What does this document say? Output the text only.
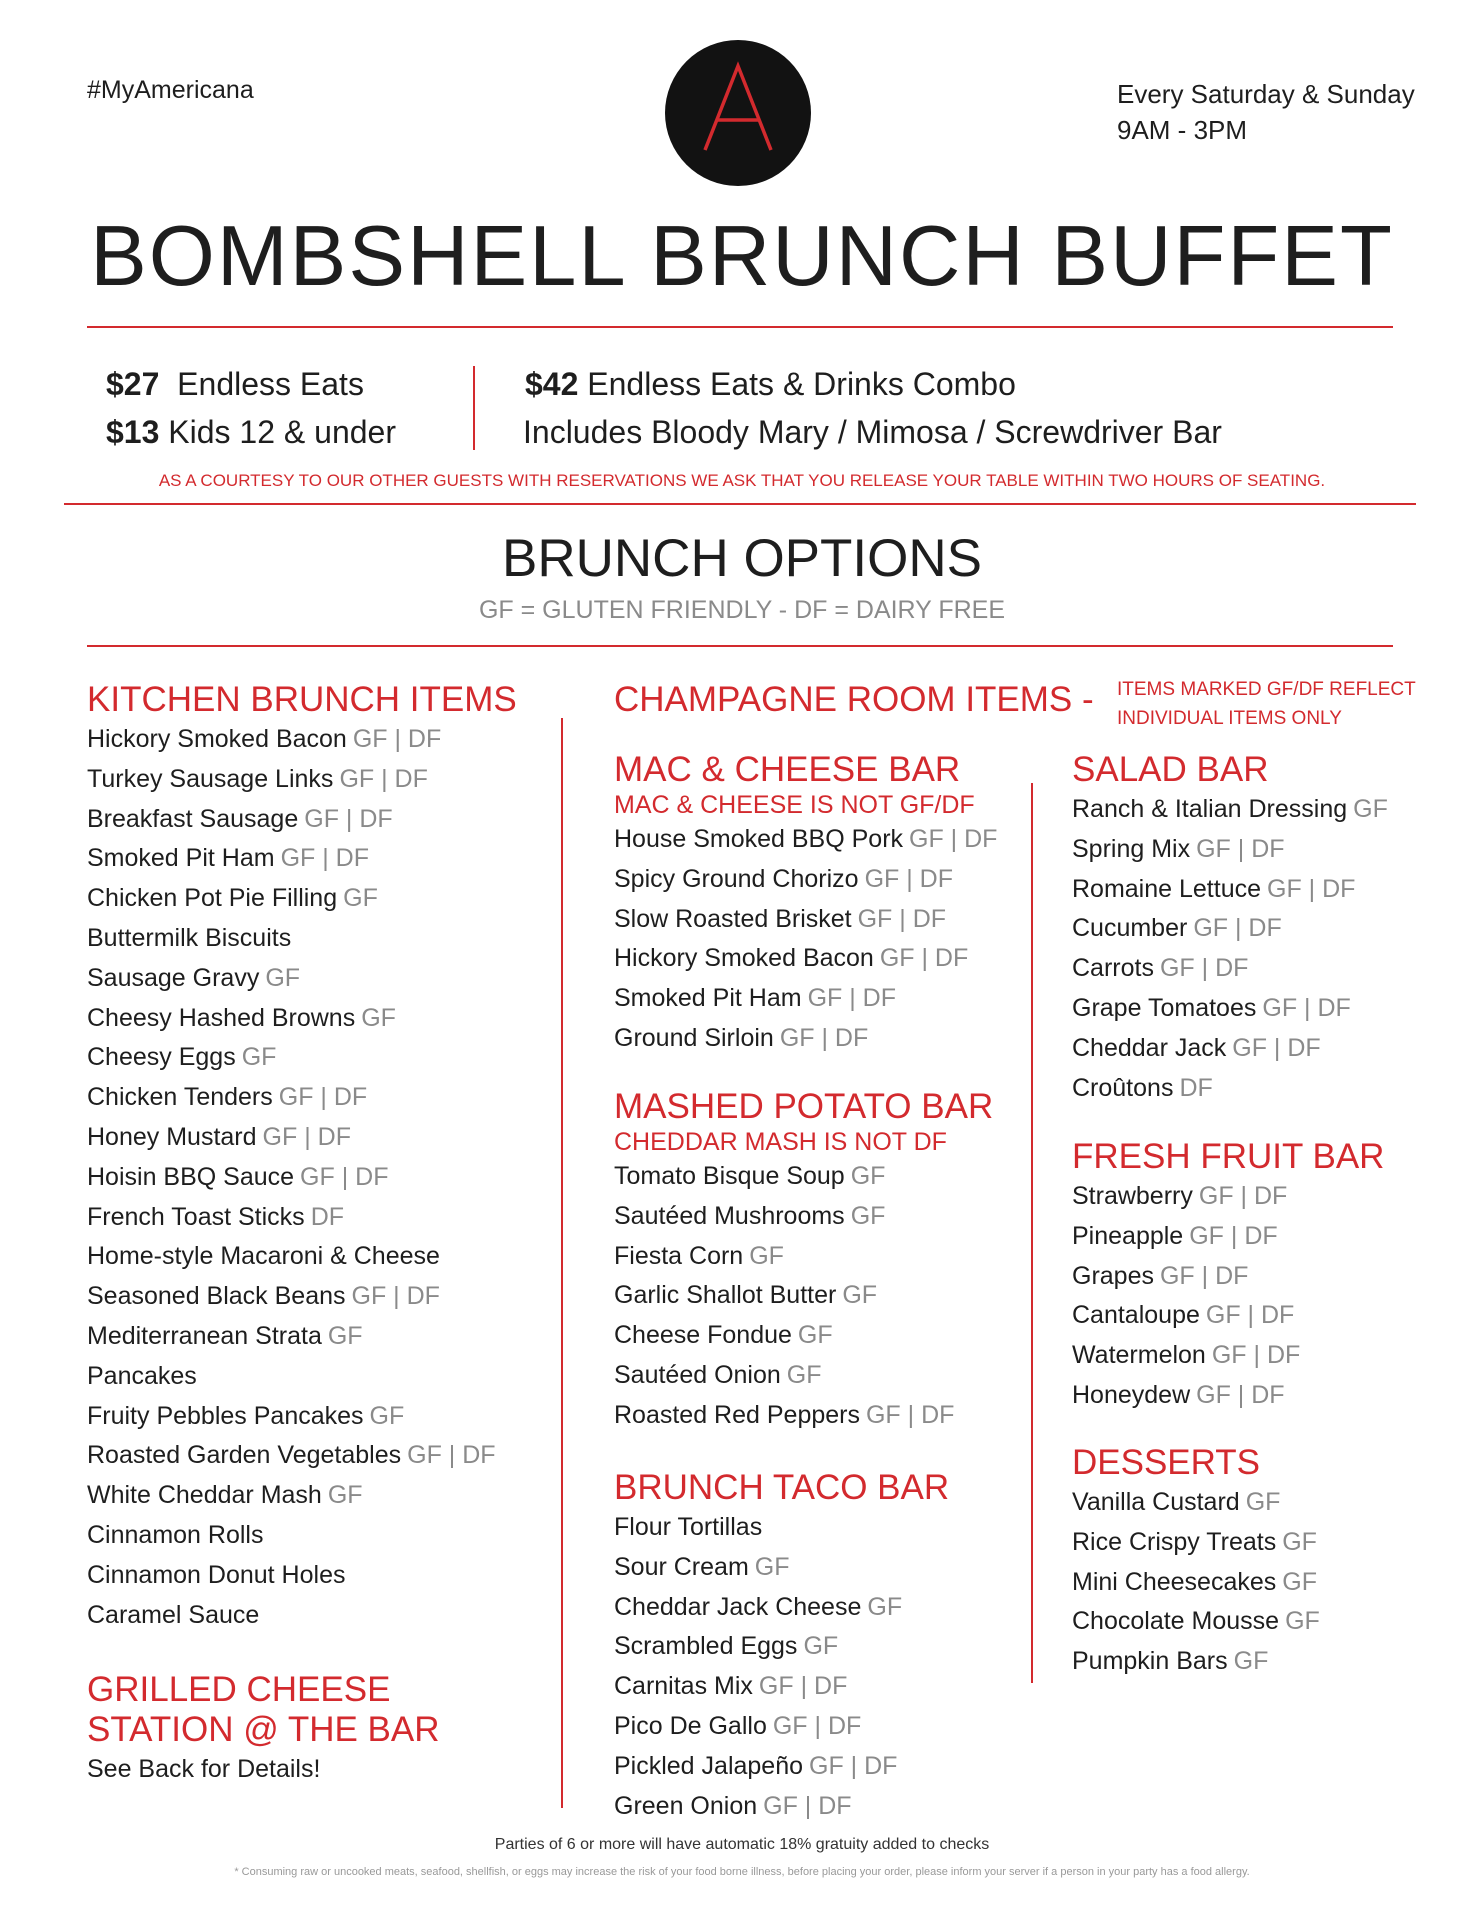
#MyAmericana	Every Saturday & Sunday
9AM - 3PM
BOMBSHELL BRUNCH BUFFET
$27 Endless Eats
$13 Kids 12 & under
$42 Endless Eats & Drinks Combo
Includes Bloody Mary / Mimosa / Screwdriver Bar
AS A COURTESY TO OUR OTHER GUESTS WITH RESERVATIONS WE ASK THAT YOU RELEASE YOUR TABLE WITHIN TWO HOURS OF SEATING.
BRUNCH OPTIONS
GF = GLUTEN FRIENDLY - DF = DAIRY FREE
KITCHEN BRUNCH ITEMS
Hickory Smoked Bacon GF | DF
Turkey Sausage Links GF | DF
Breakfast Sausage GF | DF
Smoked Pit Ham GF | DF
Chicken Pot Pie Filling GF
Buttermilk Biscuits
Sausage Gravy GF
Cheesy Hashed Browns GF
Cheesy Eggs GF
Chicken Tenders GF | DF
Honey Mustard GF | DF
Hoisin BBQ Sauce GF | DF
French Toast Sticks DF
Home-style Macaroni & Cheese
Seasoned Black Beans GF | DF
Mediterranean Strata GF
Pancakes
Fruity Pebbles Pancakes GF
Roasted Garden Vegetables GF | DF
White Cheddar Mash GF
Cinnamon Rolls
Cinnamon Donut Holes
Caramel Sauce
GRILLED CHEESE
STATION @ THE BAR
See Back for Details!
CHAMPAGNE ROOM ITEMS - ITEMS MARKED GF/DF REFLECT
INDIVIDUAL ITEMS ONLY
MAC & CHEESE BAR
MAC & CHEESE IS NOT GF/DF
House Smoked BBQ Pork GF | DF
Spicy Ground Chorizo GF | DF
Slow Roasted Brisket GF | DF
Hickory Smoked Bacon GF | DF
Smoked Pit Ham GF | DF
Ground Sirloin GF | DF
MASHED POTATO BAR
CHEDDAR MASH IS NOT DF
Tomato Bisque Soup GF
Sautéed Mushrooms GF
Fiesta Corn GF
Garlic Shallot Butter GF
Cheese Fondue GF
Sautéed Onion GF
Roasted Red Peppers GF | DF
BRUNCH TACO BAR
Flour Tortillas
Sour Cream GF
Cheddar Jack Cheese GF
Scrambled Eggs GF
Carnitas Mix GF | DF
Pico De Gallo GF | DF
Pickled Jalapeño GF | DF
Green Onion GF | DF
SALAD BAR
Ranch & Italian Dressing GF
Spring Mix GF | DF
Romaine Lettuce GF | DF
Cucumber GF | DF
Carrots GF | DF
Grape Tomatoes GF | DF
Cheddar Jack GF | DF
Croûtons DF
FRESH FRUIT BAR
Strawberry GF | DF
Pineapple GF | DF
Grapes GF | DF
Cantaloupe GF | DF
Watermelon GF | DF
Honeydew GF | DF
DESSERTS
Vanilla Custard GF
Rice Crispy Treats GF
Mini Cheesecakes GF
Chocolate Mousse GF
Pumpkin Bars GF
Parties of 6 or more will have automatic 18% gratuity added to checks
* Consuming raw or uncooked meats, seafood, shellfish, or eggs may increase the risk of your food borne illness, before placing your order, please inform your server if a person in your party has a food allergy.
